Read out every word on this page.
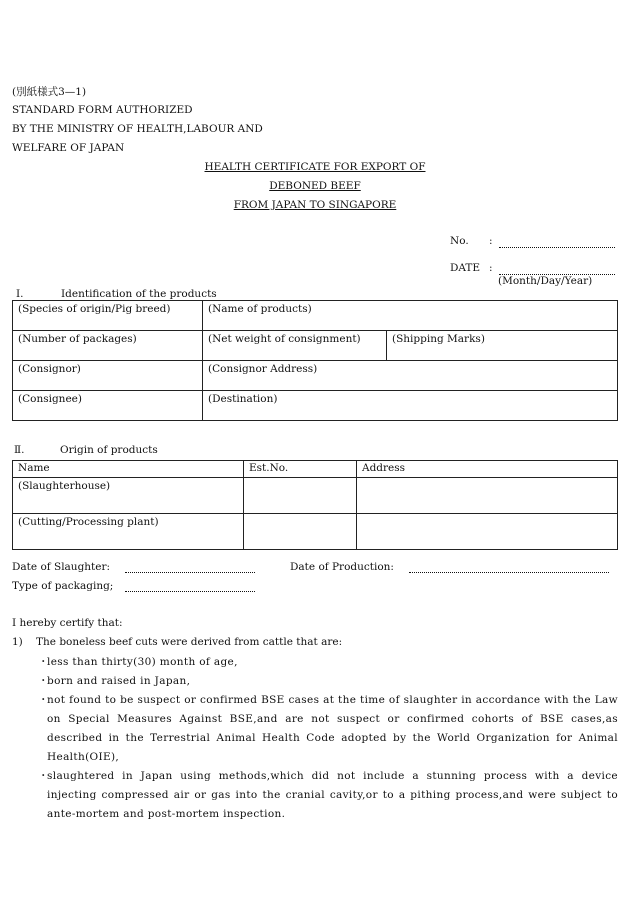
(別紙様式3—1)
STANDARD FORM AUTHORIZED
BY THE MINISTRY OF HEALTH,LABOUR AND
WELFARE OF JAPAN
HEALTH CERTIFICATE FOR EXPORT OF
DEBONED BEEF
FROM JAPAN TO SINGAPORE
No. :
DATE :
(Month/Day/Year)
Ⅰ.	Identification of the products
(Species of origin/Pig breed)	(Name of products)	
(Number of packages)	(Net weight of consignment)	(Shipping Marks)
(Consignor)	(Consignor Address)	
(Consignee)	(Destination)	
Ⅱ.	Origin of products
Name	Est.No.	Address
(Slaughterhouse)		
(Cutting/Processing plant)		
Date of Slaughter:	Date of Production:
Type of packaging;
I hereby certify that:
1) The boneless beef cuts were derived from cattle that are:
・
less than thirty(30) month of age,
・
born and raised in Japan,
・
not found to be suspect or confirmed BSE cases at the time of slaughter in accordance with the Law on Special Measures Against BSE,and are not suspect or confirmed cohorts of BSE cases,as described in the Terrestrial Animal Health Code adopted by the World Organization for Animal Health(OIE),
・
slaughtered in Japan using methods,which did not include a stunning process with a device injecting compressed air or gas into the cranial cavity,or to a pithing process,and were subject to ante-mortem and post-mortem inspection.
